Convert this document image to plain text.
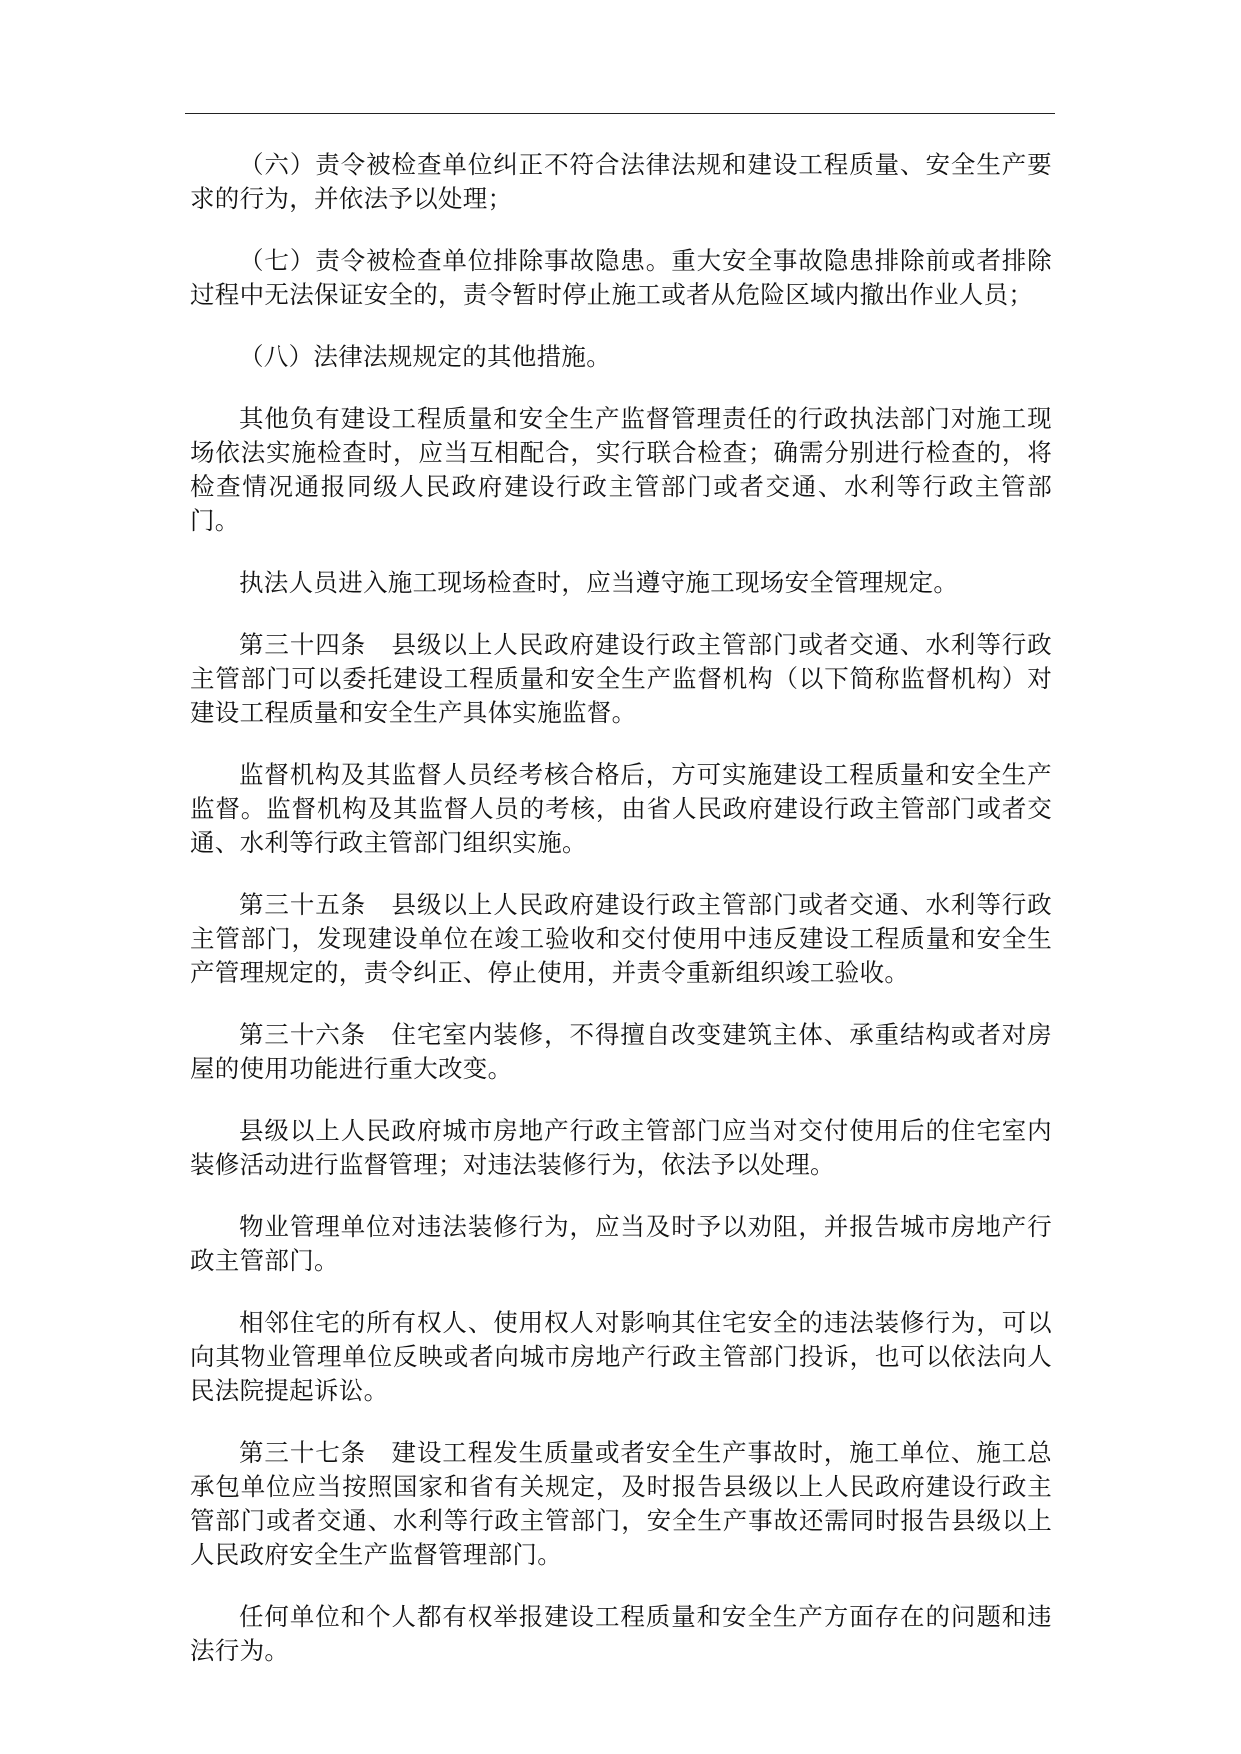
（六）责令被检查单位纠正不符合法律法规和建设工程质量、安全生产要求的行为，并依法予以处理；

（七）责令被检查单位排除事故隐患。重大安全事故隐患排除前或者排除过程中无法保证安全的，责令暂时停止施工或者从危险区域内撤出作业人员；

（八）法律法规规定的其他措施。

其他负有建设工程质量和安全生产监督管理责任的行政执法部门对施工现场依法实施检查时，应当互相配合，实行联合检查；确需分别进行检查的，将检查情况通报同级人民政府建设行政主管部门或者交通、水利等行政主管部门。

执法人员进入施工现场检查时，应当遵守施工现场安全管理规定。

第三十四条　县级以上人民政府建设行政主管部门或者交通、水利等行政主管部门可以委托建设工程质量和安全生产监督机构（以下简称监督机构）对建设工程质量和安全生产具体实施监督。

监督机构及其监督人员经考核合格后，方可实施建设工程质量和安全生产监督。监督机构及其监督人员的考核，由省人民政府建设行政主管部门或者交通、水利等行政主管部门组织实施。

第三十五条　县级以上人民政府建设行政主管部门或者交通、水利等行政主管部门，发现建设单位在竣工验收和交付使用中违反建设工程质量和安全生产管理规定的，责令纠正、停止使用，并责令重新组织竣工验收。

第三十六条　住宅室内装修，不得擅自改变建筑主体、承重结构或者对房屋的使用功能进行重大改变。

县级以上人民政府城市房地产行政主管部门应当对交付使用后的住宅室内装修活动进行监督管理；对违法装修行为，依法予以处理。

物业管理单位对违法装修行为，应当及时予以劝阻，并报告城市房地产行政主管部门。

相邻住宅的所有权人、使用权人对影响其住宅安全的违法装修行为，可以向其物业管理单位反映或者向城市房地产行政主管部门投诉，也可以依法向人民法院提起诉讼。

第三十七条　建设工程发生质量或者安全生产事故时，施工单位、施工总承包单位应当按照国家和省有关规定，及时报告县级以上人民政府建设行政主管部门或者交通、水利等行政主管部门，安全生产事故还需同时报告县级以上人民政府安全生产监督管理部门。

任何单位和个人都有权举报建设工程质量和安全生产方面存在的问题和违法行为。
